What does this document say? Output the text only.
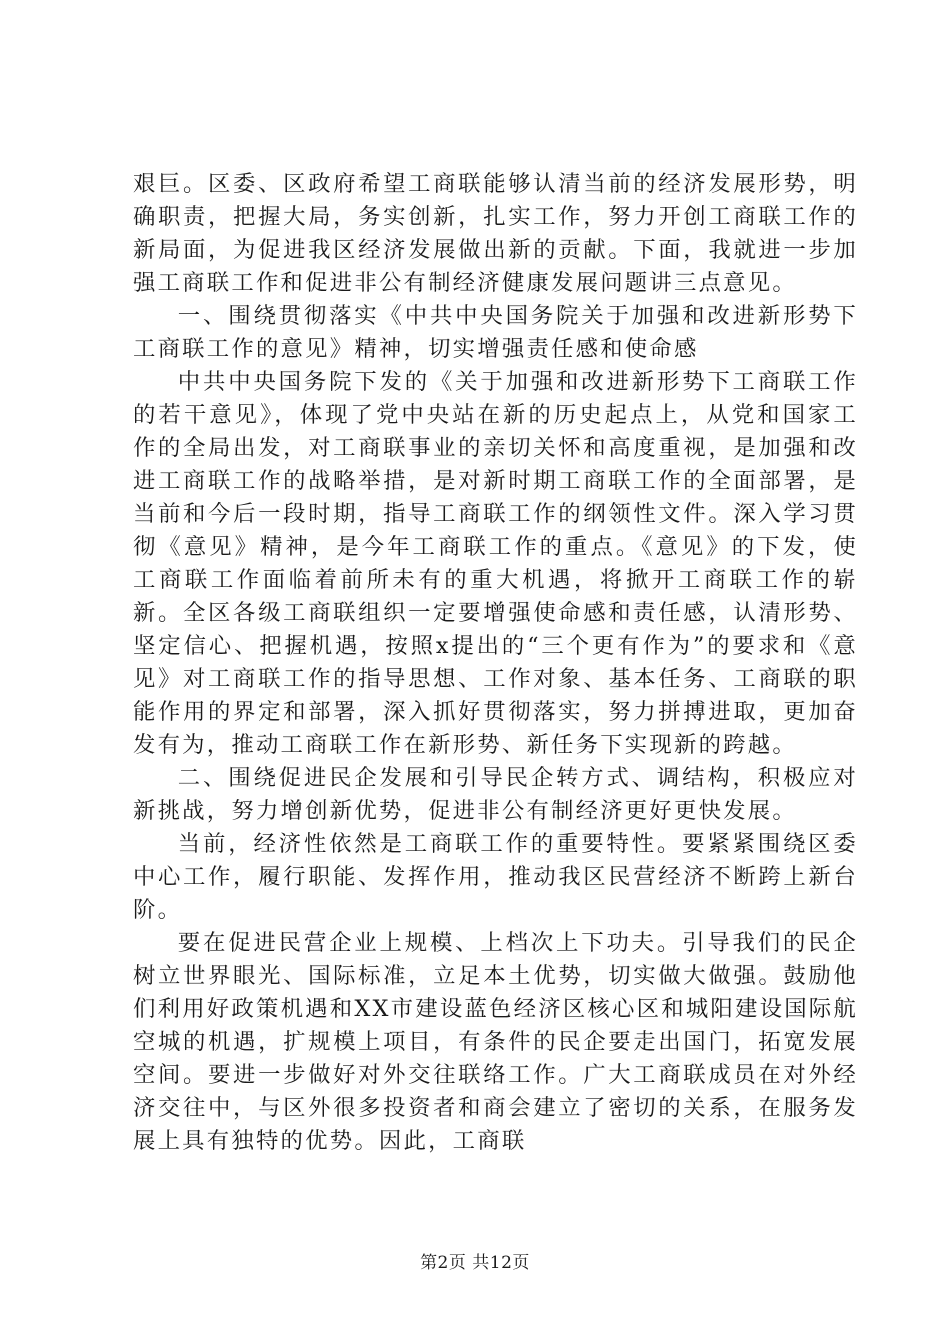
艰巨。区委、区政府希望工商联能够认清当前的经济发展形势，明确职责，把握大局，务实创新，扎实工作，努力开创工商联工作的新局面，为促进我区经济发展做出新的贡献。下面，我就进一步加强工商联工作和促进非公有制经济健康发展问题讲三点意见。

一、围绕贯彻落实《中共中央国务院关于加强和改进新形势下工商联工作的意见》精神，切实增强责任感和使命感

中共中央国务院下发的《关于加强和改进新形势下工商联工作的若干意见》，体现了党中央站在新的历史起点上，从党和国家工作的全局出发，对工商联事业的亲切关怀和高度重视，是加强和改进工商联工作的战略举措，是对新时期工商联工作的全面部署，是当前和今后一段时期，指导工商联工作的纲领性文件。深入学习贯彻《意见》精神，是今年工商联工作的重点。《意见》的下发，使工商联工作面临着前所未有的重大机遇，将掀开工商联工作的崭新。全区各级工商联组织一定要增强使命感和责任感，认清形势、坚定信心、把握机遇，按照x提出的“三个更有作为”的要求和《意见》对工商联工作的指导思想、工作对象、基本任务、工商联的职能作用的界定和部署，深入抓好贯彻落实，努力拼搏进取，更加奋发有为，推动工商联工作在新形势、新任务下实现新的跨越。

二、围绕促进民企发展和引导民企转方式、调结构，积极应对新挑战，努力增创新优势，促进非公有制经济更好更快发展。

当前，经济性依然是工商联工作的重要特性。要紧紧围绕区委中心工作，履行职能、发挥作用，推动我区民营经济不断跨上新台阶。

要在促进民营企业上规模、上档次上下功夫。引导我们的民企树立世界眼光、国际标准，立足本土优势，切实做大做强。鼓励他们利用好政策机遇和XX市建设蓝色经济区核心区和城阳建设国际航空城的机遇，扩规模上项目，有条件的民企要走出国门，拓宽发展空间。要进一步做好对外交往联络工作。广大工商联成员在对外经济交往中，与区外很多投资者和商会建立了密切的关系，在服务发展上具有独特的优势。因此，工商联

第2页 共12页
